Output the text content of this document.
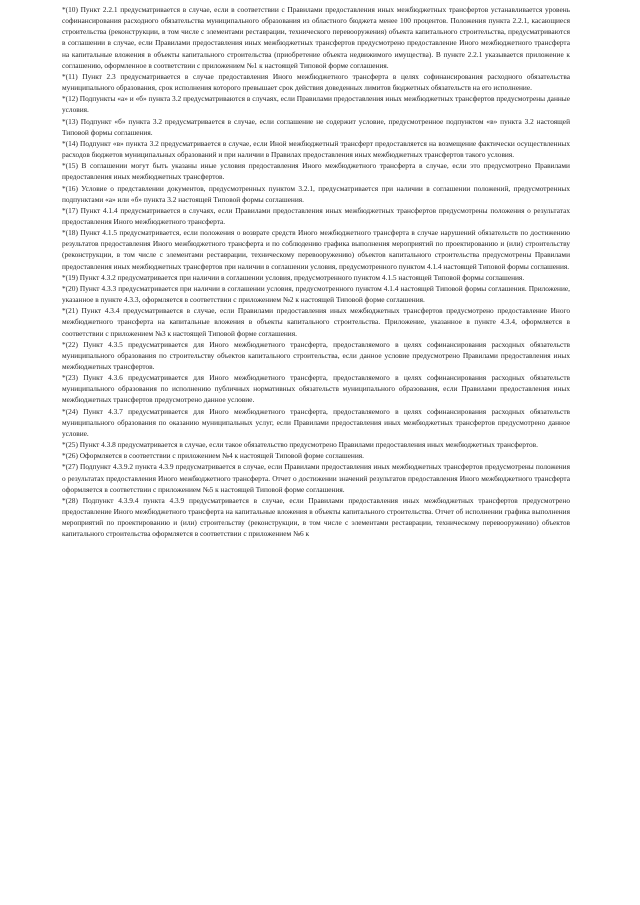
*(10) Пункт 2.2.1 предусматривается в случае, если в соответствии с Правилами предоставления иных межбюджетных трансфертов устанавливается уровень софинансирования расходного обязательства муниципального образования из областного бюджета менее 100 процентов. Положения пункта 2.2.1, касающиеся строительства (реконструкции, в том числе с элементами реставрации, технического перевооружения) объекта капитального строительства, предусматриваются в соглашении в случае, если Правилами предоставления иных межбюджетных трансфертов предусмотрено предоставление Иного межбюджетного трансферта на капитальные вложения в объекты капитального строительства (приобретение объекта недвижимого имущества). В пункте 2.2.1 указывается приложение к соглашению, оформленное в соответствии с приложением №1 к настоящей Типовой форме соглашения.

*(11) Пункт 2.3 предусматривается в случае предоставления Иного межбюджетного трансферта в целях софинансирования расходного обязательства муниципального образования, срок исполнения которого превышает срок действия доведенных лимитов бюджетных обязательств на его исполнение.

*(12) Подпункты «а» и «б» пункта 3.2 предусматриваются в случаях, если Правилами предоставления иных межбюджетных трансфертов предусмотрены данные условия.

*(13) Подпункт «б» пункта 3.2 предусматривается в случае, если соглашение не содержит условие, предусмотренное подпунктом «в» пункта 3.2 настоящей Типовой формы соглашения.

*(14) Подпункт «в» пункта 3.2 предусматривается в случае, если Иной межбюджетный трансферт предоставляется на возмещение фактически осуществленных расходов бюджетов муниципальных образований и при наличии в Правилах предоставления иных межбюджетных трансфертов такого условия.

*(15) В соглашении могут быть указаны иные условия предоставления Иного межбюджетного трансферта в случае, если это предусмотрено Правилами предоставления иных межбюджетных трансфертов.

*(16) Условие о представлении документов, предусмотренных пунктом 3.2.1, предусматривается при наличии в соглашении положений, предусмотренных подпунктами «а» или «б» пункта 3.2 настоящей Типовой формы соглашения.

*(17) Пункт 4.1.4 предусматривается в случаях, если Правилами предоставления иных межбюджетных трансфертов предусмотрены положения о результатах предоставления Иного межбюджетного трансферта.

*(18) Пункт 4.1.5 предусматривается, если положения о возврате средств Иного межбюджетного трансферта в случае нарушений обязательств по достижению результатов предоставления Иного межбюджетного трансферта и по соблюдению графика выполнения мероприятий по проектированию и (или) строительству (реконструкции, в том числе с элементами реставрации, техническому перевооружению) объектов капитального строительства предусмотрены Правилами предоставления иных межбюджетных трансфертов при наличии в соглашении условия, предусмотренного пунктом 4.1.4 настоящей Типовой формы соглашения.

*(19) Пункт 4.3.2 предусматривается при наличии в соглашении условия, предусмотренного пунктом 4.1.5 настоящей Типовой формы соглашения.

*(20) Пункт 4.3.3 предусматривается при наличии в соглашении условия, предусмотренного пунктом 4.1.4 настоящей Типовой формы соглашения. Приложение, указанное в пункте 4.3.3, оформляется в соответствии с приложением №2 к настоящей Типовой форме соглашения.

*(21) Пункт 4.3.4 предусматривается в случае, если Правилами предоставления иных межбюджетных трансфертов предусмотрено предоставление Иного межбюджетного трансферта на капитальные вложения в объекты капитального строительства. Приложение, указанное в пункте 4.3.4, оформляется в соответствии с приложением №3 к настоящей Типовой форме соглашения.

*(22) Пункт 4.3.5 предусматривается для Иного межбюджетного трансферта, предоставляемого в целях софинансирования расходных обязательств муниципального образования по строительству объектов капитального строительства, если данное условие предусмотрено Правилами предоставления иных межбюджетных трансфертов.

*(23) Пункт 4.3.6 предусматривается для Иного межбюджетного трансферта, предоставляемого в целях софинансирования расходных обязательств муниципального образования по исполнению публичных нормативных обязательств муниципального образования, если Правилами предоставления иных межбюджетных трансфертов предусмотрено данное условие.

*(24) Пункт 4.3.7 предусматривается для Иного межбюджетного трансферта, предоставляемого в целях софинансирования расходных обязательств муниципального образования по оказанию муниципальных услуг, если Правилами предоставления иных межбюджетных трансфертов предусмотрено данное условие.

*(25) Пункт 4.3.8 предусматривается в случае, если такое обязательство предусмотрено Правилами предоставления иных межбюджетных трансфертов.

*(26) Оформляется в соответствии с приложением №4 к настоящей Типовой форме соглашения.

*(27) Подпункт 4.3.9.2 пункта 4.3.9 предусматривается в случае, если Правилами предоставления иных межбюджетных трансфертов предусмотрены положения о результатах предоставления Иного межбюджетного трансферта. Отчет о достижении значений результатов предоставления Иного межбюджетного трансферта оформляется в соответствии с приложением №5 к настоящей Типовой форме соглашения.

*(28) Подпункт 4.3.9.4 пункта 4.3.9 предусматривается в случае, если Правилами предоставления иных межбюджетных трансфертов предусмотрено предоставление Иного межбюджетного трансферта на капитальные вложения в объекты капитального строительства. Отчет об исполнении графика выполнения мероприятий по проектированию и (или) строительству (реконструкции, в том числе с элементами реставрации, техническому перевооружению) объектов капитального строительства оформляется в соответствии с приложением №6 к
